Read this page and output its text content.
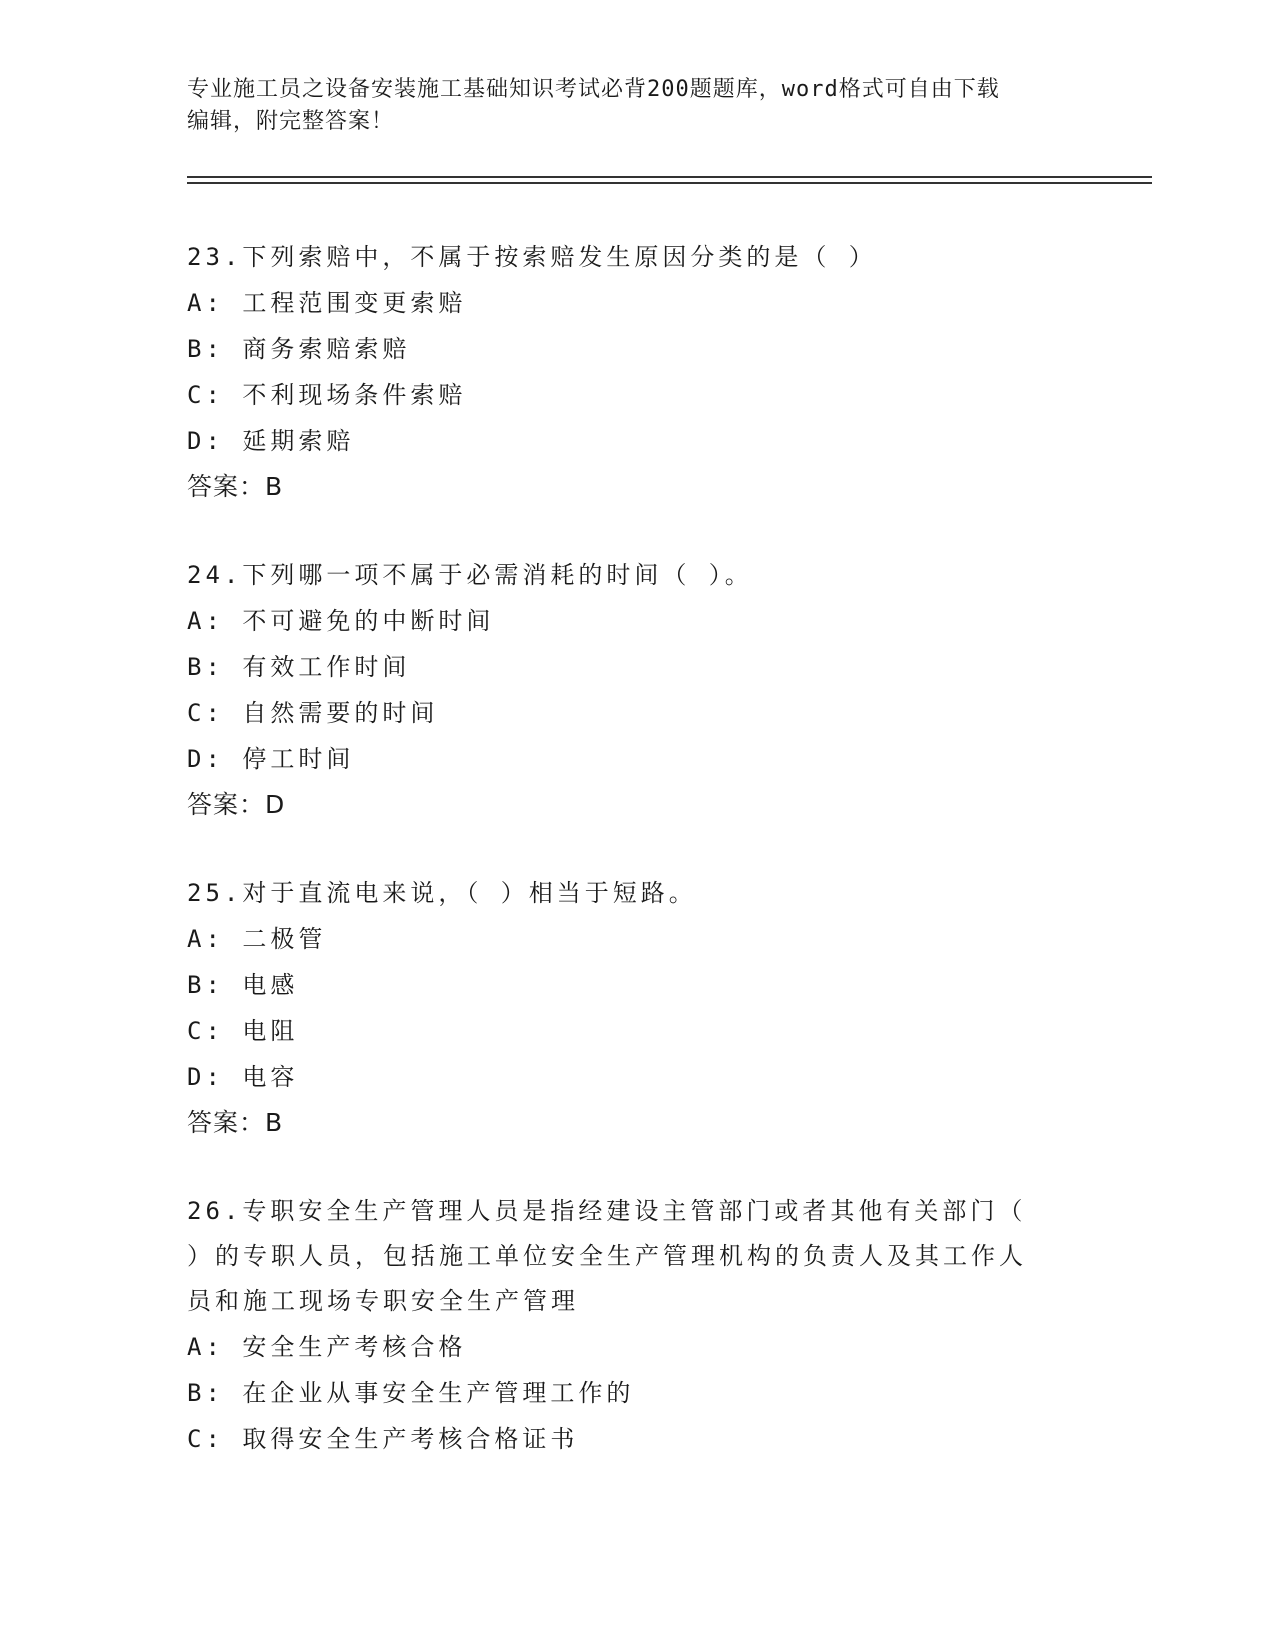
专业施工员之设备安装施工基础知识考试必背200题题库，word格式可自由下载

编辑，附完整答案！

23.下列索赔中，不属于按索赔发生原因分类的是（ ）

A: 工程范围变更索赔

B: 商务索赔索赔

C: 不利现场条件索赔

D: 延期索赔

答案：B

24.下列哪一项不属于必需消耗的时间（ ）。

A: 不可避免的中断时间

B: 有效工作时间

C: 自然需要的时间

D: 停工时间

答案：D

25.对于直流电来说，（ ）相当于短路。

A: 二极管

B: 电感

C: 电阻

D: 电容

答案：B

26.专职安全生产管理人员是指经建设主管部门或者其他有关部门（

）的专职人员，包括施工单位安全生产管理机构的负责人及其工作人

员和施工现场专职安全生产管理

A: 安全生产考核合格

B: 在企业从事安全生产管理工作的

C: 取得安全生产考核合格证书
